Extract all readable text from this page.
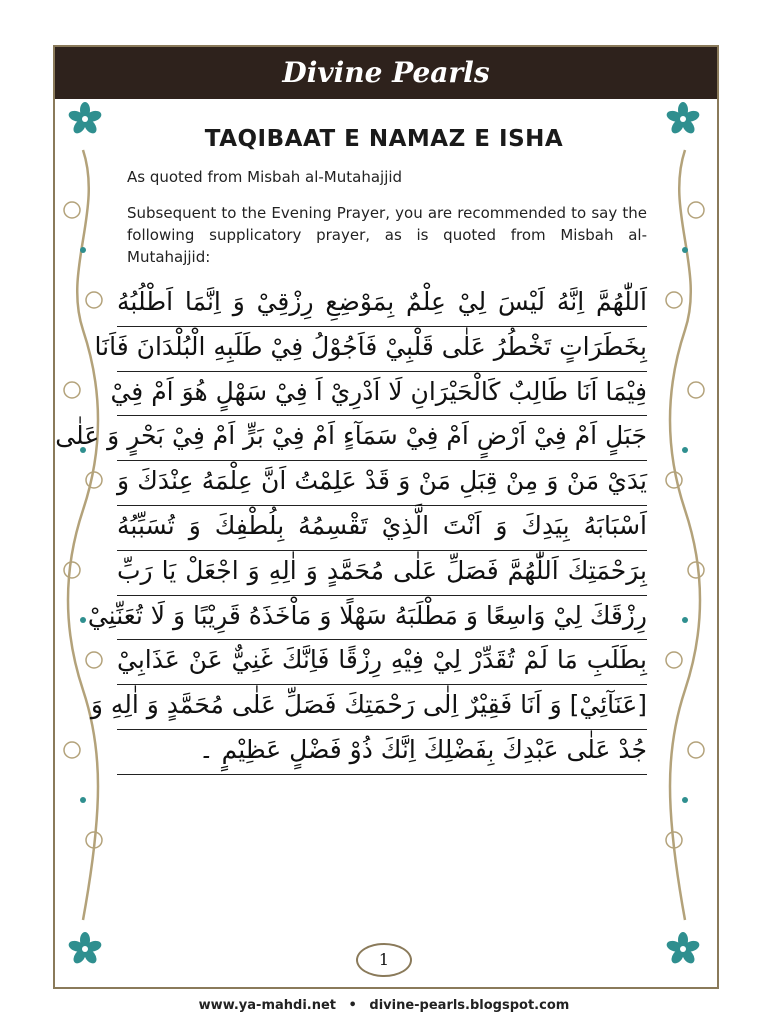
Divine Pearls
TAQIBAAT E NAMAZ E ISHA
As quoted from Misbah al-Mutahajjid
Subsequent to the Evening Prayer, you are recommended to say the following supplicatory prayer, as is quoted from Misbah al-Mutahajjid:
اَللّٰهُمَّ اِنَّهُ لَيْسَ لِيْ عِلْمٌ بِمَوْضِعِ رِزْقِيْ وَ اِنَّمَا اَطْلُبُهُ
بِخَطَرَاتٍ تَخْطُرُ عَلٰى قَلْبِيْ فَاَجُوْلُ فِيْ طَلَبِهِ الْبُلْدَانَ فَاَنَا
فِيْمَا اَنَا طَالِبٌ كَالْحَيْرَانِ لَا اَدْرِيْ اَ فِيْ سَهْلٍ هُوَ اَمْ فِيْ
جَبَلٍ اَمْ فِيْ اَرْضٍ اَمْ فِيْ سَمَآءٍ اَمْ فِيْ بَرٍّ اَمْ فِيْ بَحْرٍ وَ عَلٰى
يَدَيْ مَنْ وَ مِنْ قِبَلِ مَنْ وَ قَدْ عَلِمْتُ اَنَّ عِلْمَهُ عِنْدَكَ وَ
اَسْبَابَهُ بِيَدِكَ وَ اَنْتَ الَّذِيْ تَقْسِمُهُ بِلُطْفِكَ وَ تُسَبِّبُهُ
بِرَحْمَتِكَ اَللّٰهُمَّ فَصَلِّ عَلٰى مُحَمَّدٍ وَ اٰلِهِ وَ اجْعَلْ يَا رَبِّ
رِزْقَكَ لِيْ وَاسِعًا وَ مَطْلَبَهُ سَهْلًا وَ مَاْخَذَهُ قَرِيْبًا وَ لَا تُعَنِّنِيْ
بِطَلَبِ مَا لَمْ تُقَدِّرْ لِيْ فِيْهِ رِزْقًا فَاِنَّكَ غَنِيٌّ عَنْ عَذَابِيْ
[عَنَآئِيْ] وَ اَنَا فَقِيْرٌ اِلٰى رَحْمَتِكَ فَصَلِّ عَلٰى مُحَمَّدٍ وَ اٰلِهِ وَ
جُدْ عَلٰى عَبْدِكَ بِفَضْلِكَ اِنَّكَ ذُوْ فَضْلٍ عَظِيْمٍ ۔
1
www.ya-mahdi.net • divine-pearls.blogspot.com
